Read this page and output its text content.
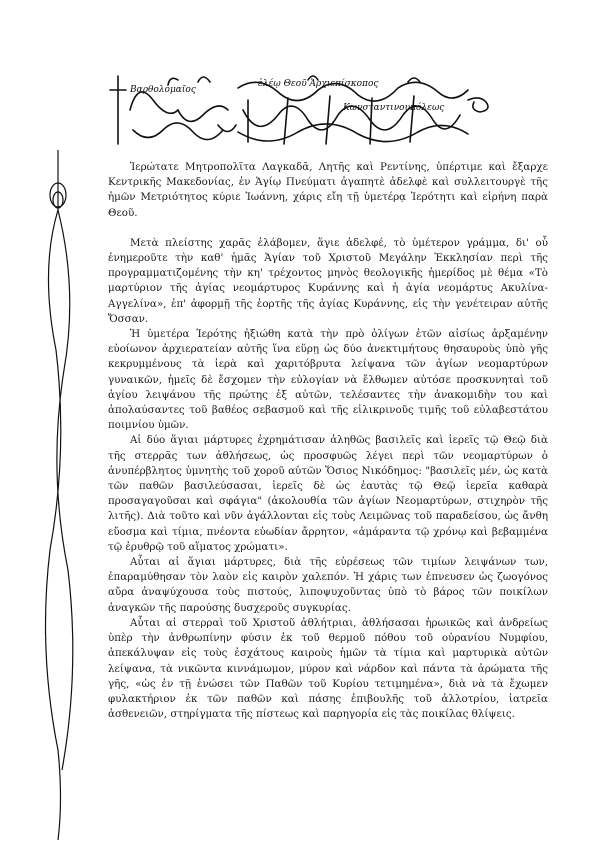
Βαρθολομαῖος
ἐλέῳ Θεοῦ Ἀρχιεπίσκοπος
Κωνσταντινουπόλεως

Ἱερώτατε Μητροπολῖτα Λαγκαδᾶ, Λητῆς καὶ Ρεντίνης, ὑπέρτιμε καὶ ἔξαρχε Κεντρικῆς Μακεδονίας, ἐν Ἁγίῳ Πνεύματι ἀγαπητὲ ἀδελφὲ καὶ συλλειτουργὲ τῆς ἡμῶν Μετριότητος κύριε Ἰωάννη, χάρις εἴη τῇ ὑμετέρᾳ Ἱερότητι καὶ εἰρήνη παρὰ Θεοῦ.

Μετὰ πλείστης χαρᾶς ἐλάβομεν, ἅγιε ἀδελφέ, τὸ ὑμέτερον γράμμα, δι' οὗ ἐνημεροῦτε τὴν καθ' ἡμᾶς Ἁγίαν τοῦ Χριστοῦ Μεγάλην Ἐκκλησίαν περὶ τῆς προγραμματιζομένης τὴν κη' τρέχοντος μηνὸς θεολογικῆς ἡμερίδος μὲ θέμα «Τὸ μαρτύριον τῆς ἁγίας νεομάρτυρος Κυράννης καὶ ἡ ἁγία νεομάρτυς Ακυλίνα-Αγγελίνα», ἐπ' ἀφορμῇ τῆς ἑορτῆς τῆς ἁγίας Κυράννης, εἰς τὴν γενέτειραν αὐτῆς Ὄσσαν.

Ἡ ὑμετέρα Ἱερότης ἠξιώθη κατὰ τὴν πρὸ ὀλίγων ἐτῶν αἰσίως ἀρξαμένην εὐοίωνον ἀρχιερατείαν αὐτῆς ἵνα εὕρῃ ὡς δύο ἀνεκτιμήτους θησαυροὺς ὑπὸ γῆς κεκρυμμένους τὰ ἱερὰ καὶ χαριτόβρυτα λείψανα τῶν ἁγίων νεομαρτύρων γυναικῶν, ἡμεῖς δὲ ἔσχομεν τὴν εὐλογίαν νὰ ἔλθωμεν αὐτόσε προσκυνηταὶ τοῦ ἁγίου λειψάνου τῆς πρώτης ἐξ αὐτῶν, τελέσαντες τὴν ἀνακομιδὴν του καὶ ἀπολαύσαντες τοῦ βαθέος σεβασμοῦ καὶ τῆς εἰλικρινοῦς τιμῆς τοῦ εὐλαβεστάτου ποιμνίου ὑμῶν.

Αἱ δύο ἅγιαι μάρτυρες ἐχρημάτισαν ἀληθῶς βασιλεῖς καὶ ἱερεῖς τῷ Θεῷ διὰ τῆς στερρᾶς των ἀθλήσεως, ὡς προσφυῶς λέγει περὶ τῶν νεομαρτύρων ὁ ἀνυπέρβλητος ὑμνητὴς τοῦ χοροῦ αὐτῶν Ὅσιος Νικόδημος: "βασιλεῖς μέν, ὡς κατὰ τῶν παθῶν βασιλεύσασαι, ἱερεῖς δὲ ὡς ἑαυτὰς τῷ Θεῷ ἱερεῖα καθαρὰ προσαγαγοῦσαι καὶ σφάγια" (ἀκολουθία τῶν ἁγίων Νεομαρτύρων, στιχηρὸν τῆς λιτῆς). Διὰ τοῦτο καὶ νῦν ἀγάλλονται εἰς τοὺς Λειμῶνας τοῦ παραδείσου, ὡς ἄνθη εὔοσμα καὶ τίμια, πνέοντα εὐωδίαν ἄρρητον, «ἀμάραντα τῷ χρόνῳ καὶ βεβαμμένα τῷ ἐρυθρῷ τοῦ αἵματος χρώματι».

Αὗται αἱ ἅγιαι μάρτυρες, διὰ τῆς εὑρέσεως τῶν τιμίων λειψάνων των, ἐπαραμύθησαν τὸν λαὸν εἰς καιρὸν χαλεπόν. Ἡ χάρις των ἐπνευσεν ὡς ζωογόνος αὔρα ἀναψύχουσα τοὺς πιστούς, λιποψυχοῦντας ὑπὸ τὸ βάρος τῶν ποικίλων ἀναγκῶν τῆς παρούσης δυσχεροῦς συγκυρίας.

Αὗται αἱ στερραὶ τοῦ Χριστοῦ ἀθλήτριαι, ἀθλήσασαι ἡρωικῶς καὶ ἀνδρείως ὑπὲρ τὴν ἀνθρωπίνην φύσιν ἐκ τοῦ θερμοῦ πόθου τοῦ οὐρανίου Νυμφίου, ἀπεκάλυψαν εἰς τοὺς ἐσχάτους καιροὺς ἡμῶν τὰ τίμια καὶ μαρτυρικὰ αὐτῶν λείψανα, τὰ νικῶντα κιννάμωμον, μύρον καὶ νάρδον καὶ πάντα τὰ ἀρώματα τῆς γῆς, «ὡς ἐν τῇ ἑνώσει τῶν Παθῶν τοῦ Κυρίου τετιμημένα», διὰ νὰ τὰ ἔχωμεν φυλακτήριον ἐκ τῶν παθῶν καὶ πάσης ἐπιβουλῆς τοῦ ἀλλοτρίου, ἰατρεῖα ἀσθενειῶν, στηρίγματα τῆς πίστεως καὶ παρηγορία εἰς τὰς ποικίλας θλίψεις.
